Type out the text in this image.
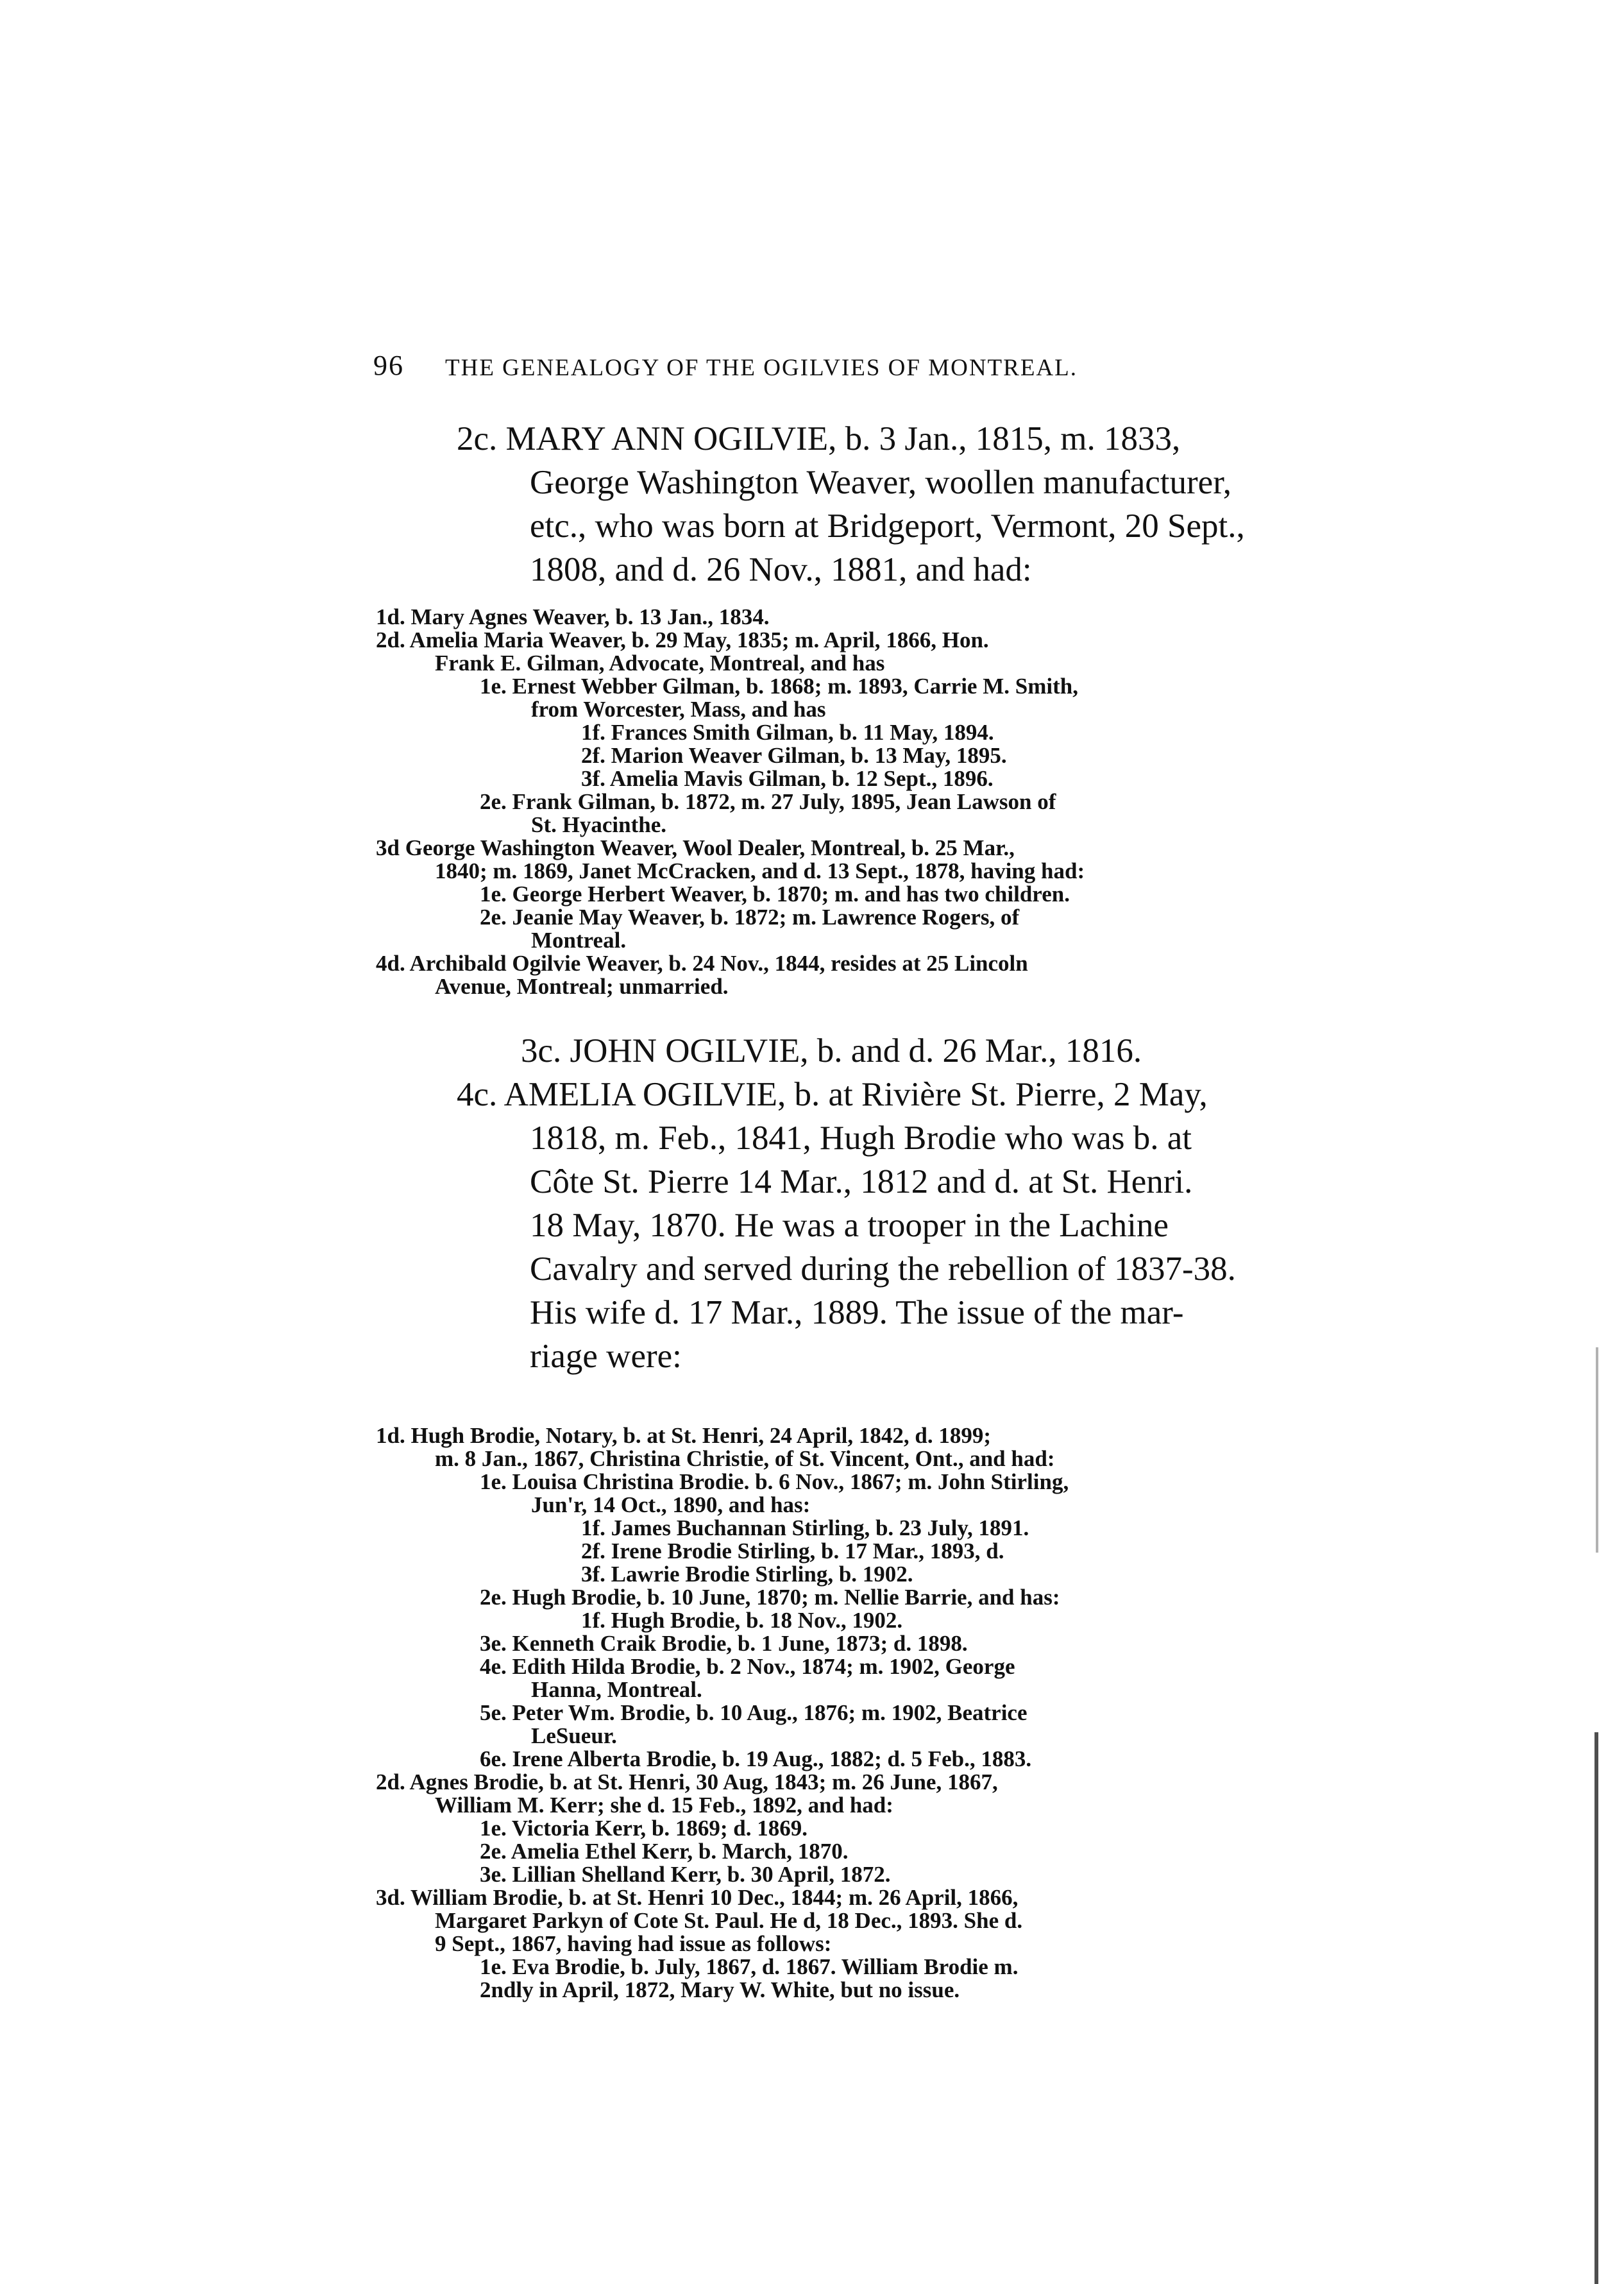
96 THE GENEALOGY OF THE OGILVIES OF MONTREAL.
2c. MARY ANN OGILVIE, b. 3 Jan., 1815, m. 1833,
George Washington Weaver, woollen manufacturer,
etc., who was born at Bridgeport, Vermont, 20 Sept.,
1808, and d. 26 Nov., 1881, and had:
1d. Mary Agnes Weaver, b. 13 Jan., 1834.
2d. Amelia Maria Weaver, b. 29 May, 1835; m. April, 1866, Hon.
Frank E. Gilman, Advocate, Montreal, and has
1e. Ernest Webber Gilman, b. 1868; m. 1893, Carrie M. Smith,
from Worcester, Mass, and has
1f. Frances Smith Gilman, b. 11 May, 1894.
2f. Marion Weaver Gilman, b. 13 May, 1895.
3f. Amelia Mavis Gilman, b. 12 Sept., 1896.
2e. Frank Gilman, b. 1872, m. 27 July, 1895, Jean Lawson of
St. Hyacinthe.
3d George Washington Weaver, Wool Dealer, Montreal, b. 25 Mar.,
1840; m. 1869, Janet McCracken, and d. 13 Sept., 1878, having had:
1e. George Herbert Weaver, b. 1870; m. and has two children.
2e. Jeanie May Weaver, b. 1872; m. Lawrence Rogers, of
Montreal.
4d. Archibald Ogilvie Weaver, b. 24 Nov., 1844, resides at 25 Lincoln
Avenue, Montreal; unmarried.
3c. JOHN OGILVIE, b. and d. 26 Mar., 1816.
4c. AMELIA OGILVIE, b. at Rivière St. Pierre, 2 May,
1818, m. Feb., 1841, Hugh Brodie who was b. at
Côte St. Pierre 14 Mar., 1812 and d. at St. Henri.
18 May, 1870. He was a trooper in the Lachine
Cavalry and served during the rebellion of 1837-38.
His wife d. 17 Mar., 1889. The issue of the mar-
riage were:
1d. Hugh Brodie, Notary, b. at St. Henri, 24 April, 1842, d. 1899;
m. 8 Jan., 1867, Christina Christie, of St. Vincent, Ont., and had:
1e. Louisa Christina Brodie. b. 6 Nov., 1867; m. John Stirling,
Jun'r, 14 Oct., 1890, and has:
1f. James Buchannan Stirling, b. 23 July, 1891.
2f. Irene Brodie Stirling, b. 17 Mar., 1893, d.
3f. Lawrie Brodie Stirling, b. 1902.
2e. Hugh Brodie, b. 10 June, 1870; m. Nellie Barrie, and has:
1f. Hugh Brodie, b. 18 Nov., 1902.
3e. Kenneth Craik Brodie, b. 1 June, 1873; d. 1898.
4e. Edith Hilda Brodie, b. 2 Nov., 1874; m. 1902, George
Hanna, Montreal.
5e. Peter Wm. Brodie, b. 10 Aug., 1876; m. 1902, Beatrice
LeSueur.
6e. Irene Alberta Brodie, b. 19 Aug., 1882; d. 5 Feb., 1883.
2d. Agnes Brodie, b. at St. Henri, 30 Aug, 1843; m. 26 June, 1867,
William M. Kerr; she d. 15 Feb., 1892, and had:
1e. Victoria Kerr, b. 1869; d. 1869.
2e. Amelia Ethel Kerr, b. March, 1870.
3e. Lillian Shelland Kerr, b. 30 April, 1872.
3d. William Brodie, b. at St. Henri 10 Dec., 1844; m. 26 April, 1866,
Margaret Parkyn of Cote St. Paul. He d, 18 Dec., 1893. She d.
9 Sept., 1867, having had issue as follows:
1e. Eva Brodie, b. July, 1867, d. 1867. William Brodie m.
2ndly in April, 1872, Mary W. White, but no issue.
